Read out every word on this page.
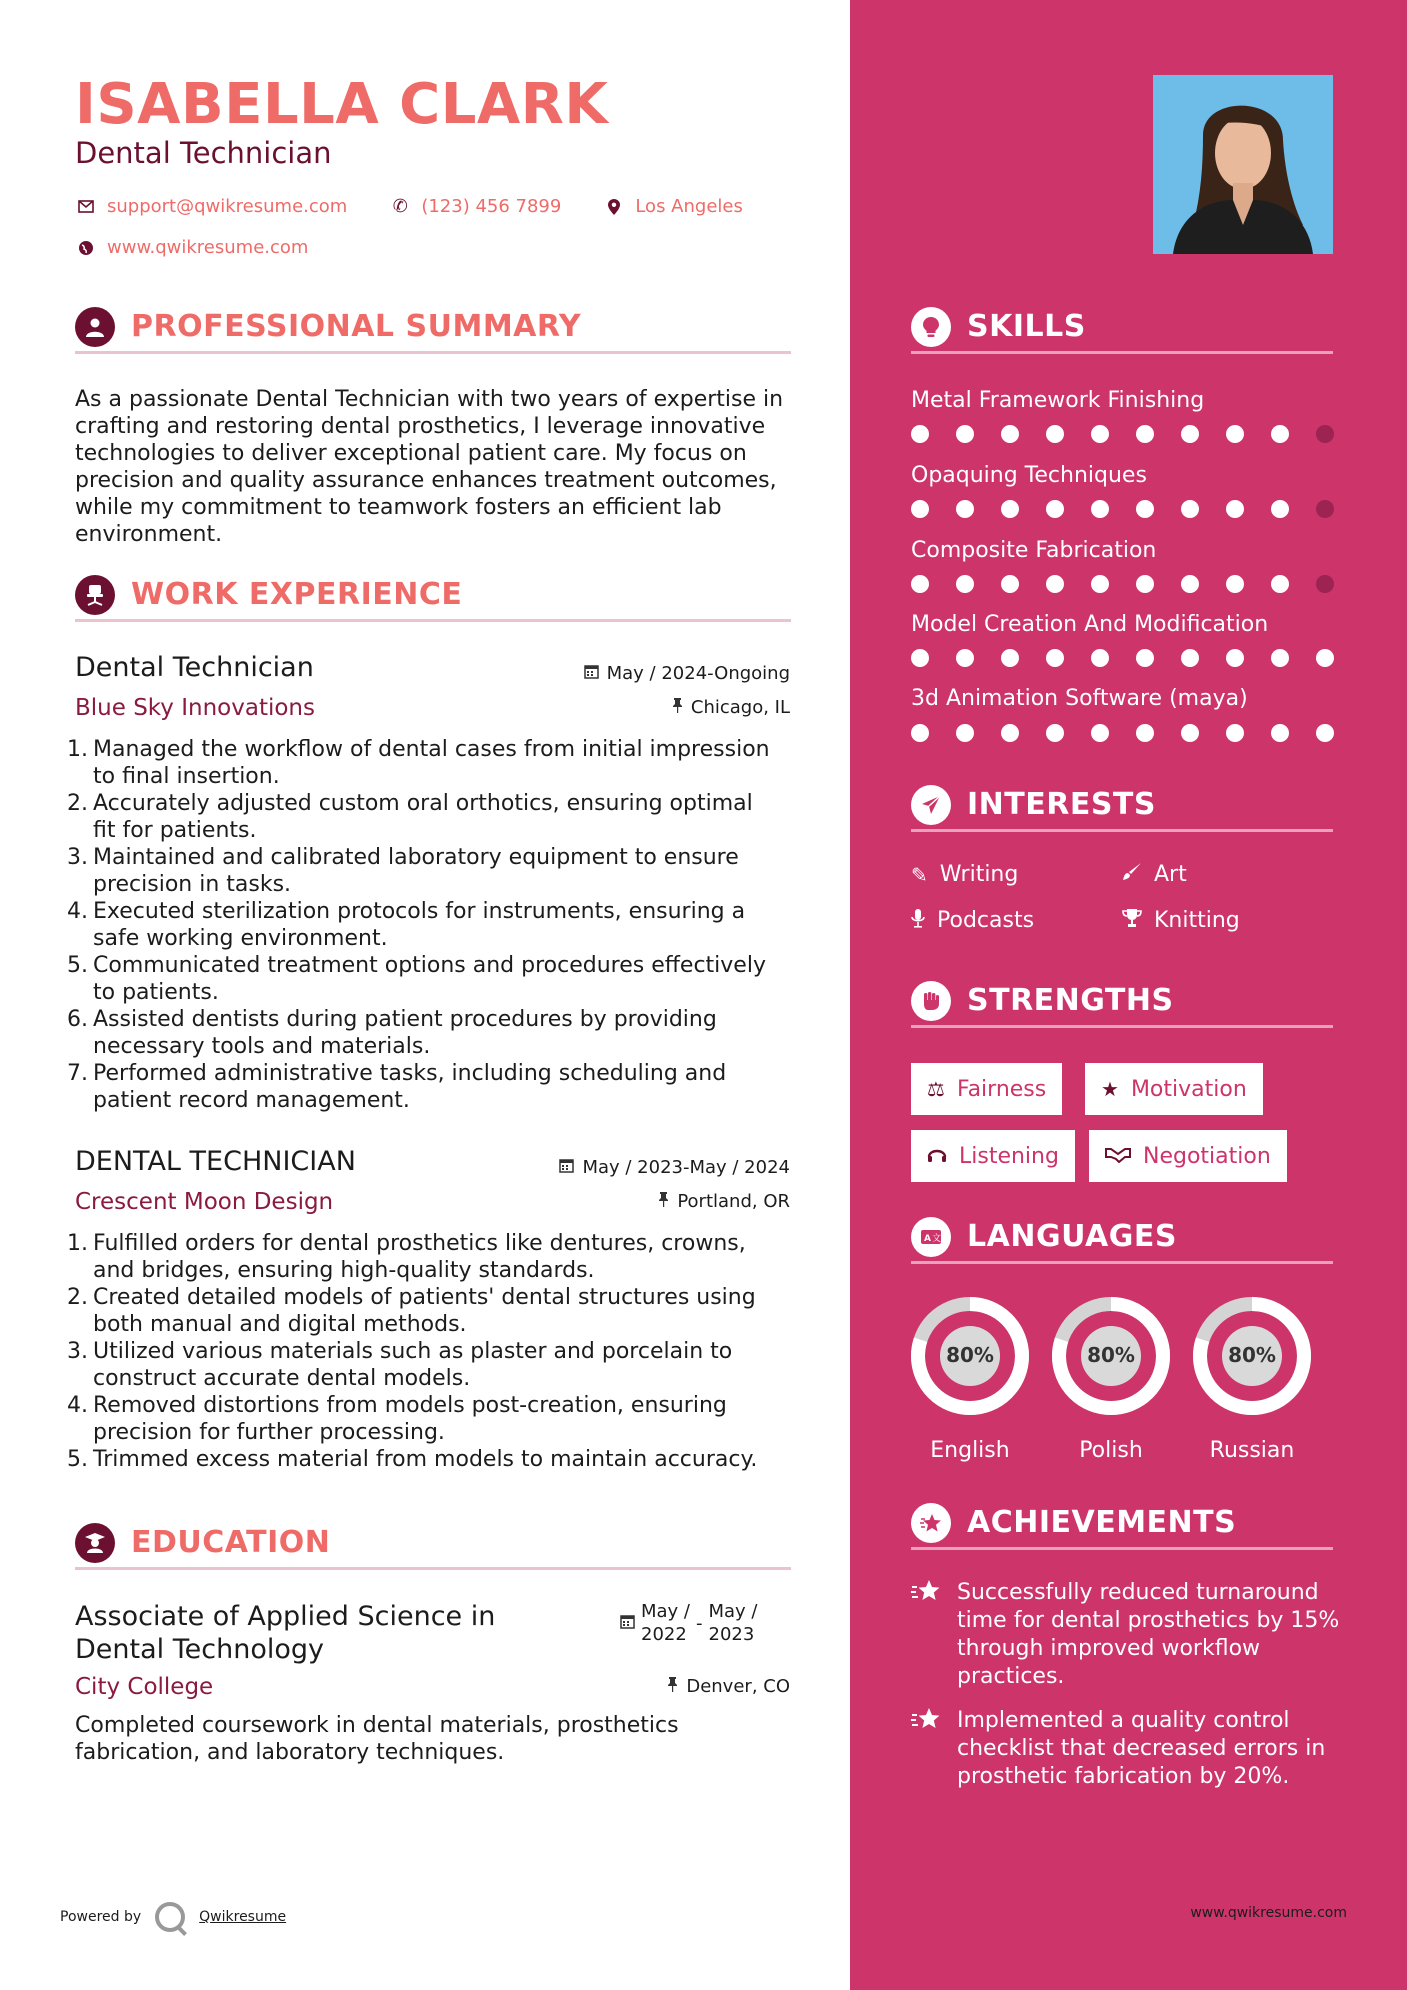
ISABELLA CLARK
Dental Technician
support@qwikresume.com	✆ (123) 456 7899	Los Angeles
www.qwikresume.com
PROFESSIONAL SUMMARY
As a passionate Dental Technician with two years of expertise in crafting and restoring dental prosthetics, I leverage innovative technologies to deliver exceptional patient care. My focus on precision and quality assurance enhances treatment outcomes, while my commitment to teamwork fosters an efficient lab environment.
WORK EXPERIENCE
Dental Technician	May / 2024-Ongoing
Blue Sky Innovations	Chicago, IL
1. Managed the workflow of dental cases from initial impression
to final insertion.
2. Accurately adjusted custom oral orthotics, ensuring optimal
fit for patients.
3. Maintained and calibrated laboratory equipment to ensure
precision in tasks.
4. Executed sterilization protocols for instruments, ensuring a
safe working environment.
5. Communicated treatment options and procedures effectively
to patients.
6. Assisted dentists during patient procedures by providing
necessary tools and materials.
7. Performed administrative tasks, including scheduling and
patient record management.
DENTAL TECHNICIAN	May / 2023-May / 2024
Crescent Moon Design	Portland, OR
1. Fulfilled orders for dental prosthetics like dentures, crowns,
and bridges, ensuring high-quality standards.
2. Created detailed models of patients' dental structures using
both manual and digital methods.
3. Utilized various materials such as plaster and porcelain to
construct accurate dental models.
4. Removed distortions from models post-creation, ensuring
precision for further processing.
5. Trimmed excess material from models to maintain accuracy.
EDUCATION
Associate of Applied Science in
Dental Technology
May /
2022
-
May /
2023
City College	Denver, CO
Completed coursework in dental materials, prosthetics fabrication, and laboratory techniques.
Powered by	Qwikresume
SKILLS
Metal Framework Finishing
Opaquing Techniques
Composite Fabrication
Model Creation And Modification
3d Animation Software (maya)
INTERESTS
✎ Writing	Art
Podcasts	Knitting
STRENGTHS
⚖ Fairness	★ Motivation
Listening	Negotiation
A 文 LANGUAGES
80%
English
80%
Polish
80%
Russian
ACHIEVEMENTS
Successfully reduced turnaround
time for dental prosthetics by 15%
through improved workflow
practices.
Implemented a quality control
checklist that decreased errors in
prosthetic fabrication by 20%.
www.qwikresume.com
